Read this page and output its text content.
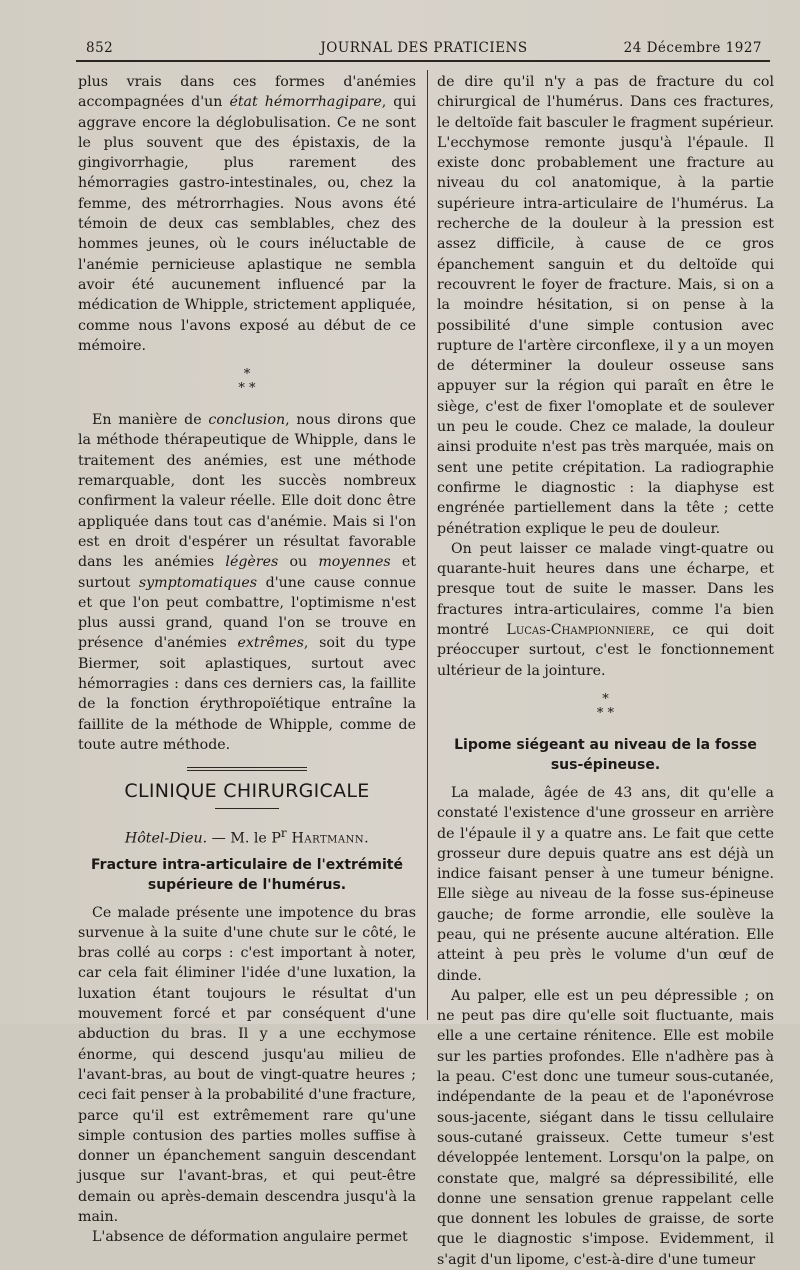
852	JOURNAL DES PRATICIENS	24 Décembre 1927

plus vrais dans ces formes d'anémies accompagnées d'un état hémorrhagipare, qui aggrave encore la déglobulisation. Ce ne sont le plus souvent que des épistaxis, de la gingivorrhagie, plus rarement des hémorragies gastro-intestinales, ou, chez la femme, des métrorrhagies. Nous avons été témoin de deux cas semblables, chez des hommes jeunes, où le cours inéluctable de l'anémie pernicieuse aplastique ne sembla avoir été aucunement influencé par la médication de Whipple, strictement appliquée, comme nous l'avons exposé au début de ce mémoire.

*
* *

En manière de conclusion, nous dirons que la méthode thérapeutique de Whipple, dans le traitement des anémies, est une méthode remarquable, dont les succès nombreux confirment la valeur réelle. Elle doit donc être appliquée dans tout cas d'anémie. Mais si l'on est en droit d'espérer un résultat favorable dans les anémies légères ou moyennes et surtout symptomatiques d'une cause connue et que l'on peut combattre, l'optimisme n'est plus aussi grand, quand l'on se trouve en présence d'anémies extrêmes, soit du type Biermer, soit aplastiques, surtout avec hémorragies : dans ces derniers cas, la faillite de la fonction érythropoïétique entraîne la faillite de la méthode de Whipple, comme de toute autre méthode.

CLINIQUE CHIRURGICALE
Hôtel-Dieu. — M. le $P^r$ Hartmann.
Fracture intra-articulaire de l'extrémité supérieure de l'humérus.

Ce malade présente une impotence du bras survenue à la suite d'une chute sur le côté, le bras collé au corps : c'est important à noter, car cela fait éliminer l'idée d'une luxation, la luxation étant toujours le résultat d'un mouvement forcé et par conséquent d'une abduction du bras. Il y a une ecchymose énorme, qui descend jusqu'au milieu de l'avant-bras, au bout de vingt-quatre heures ; ceci fait penser à la probabilité d'une fracture, parce qu'il est extrêmement rare qu'une simple contusion des parties molles suffise à donner un épanchement sanguin descendant jusque sur l'avant-bras, et qui peut-être demain ou après-demain descendra jusqu'à la main.

L'absence de déformation angulaire permet

de dire qu'il n'y a pas de fracture du col chirurgical de l'humérus. Dans ces fractures, le deltoïde fait basculer le fragment supérieur. L'ecchymose remonte jusqu'à l'épaule. Il existe donc probablement une fracture au niveau du col anatomique, à la partie supérieure intra-articulaire de l'humérus. La recherche de la douleur à la pression est assez difficile, à cause de ce gros épanchement sanguin et du deltoïde qui recouvrent le foyer de fracture. Mais, si on a la moindre hésitation, si on pense à la possibilité d'une simple contusion avec rupture de l'artère circonflexe, il y a un moyen de déterminer la douleur osseuse sans appuyer sur la région qui paraît en être le siège, c'est de fixer l'omoplate et de soulever un peu le coude. Chez ce malade, la douleur ainsi produite n'est pas très marquée, mais on sent une petite crépitation. La radiographie confirme le diagnostic : la diaphyse est engrénée partiellement dans la tête ; cette pénétration explique le peu de douleur.

On peut laisser ce malade vingt-quatre ou quarante-huit heures dans une écharpe, et presque tout de suite le masser. Dans les fractures intra-articulaires, comme l'a bien montré Lucas-Championniere, ce qui doit préoccuper surtout, c'est le fonctionnement ultérieur de la jointure.

*
* *
Lipome siégeant au niveau de la fosse sus-épineuse.

La malade, âgée de 43 ans, dit qu'elle a constaté l'existence d'une grosseur en arrière de l'épaule il y a quatre ans. Le fait que cette grosseur dure depuis quatre ans est déjà un indice faisant penser à une tumeur bénigne. Elle siège au niveau de la fosse sus-épineuse gauche; de forme arrondie, elle soulève la peau, qui ne présente aucune altération. Elle atteint à peu près le volume d'un œuf de dinde.

Au palper, elle est un peu dépressible ; on ne peut pas dire qu'elle soit fluctuante, mais elle a une certaine rénitence. Elle est mobile sur les parties profondes. Elle n'adhère pas à la peau. C'est donc une tumeur sous-cutanée, indépendante de la peau et de l'aponévrose sous-jacente, siégant dans le tissu cellulaire sous-cutané graisseux. Cette tumeur s'est développée lentement. Lorsqu'on la palpe, on constate que, malgré sa dépressibilité, elle donne une sensation grenue rappelant celle que donnent les lobules de graisse, de sorte que le diagnostic s'impose. Evidemment, il s'agit d'un lipome, c'est-à-dire d'une tumeur
